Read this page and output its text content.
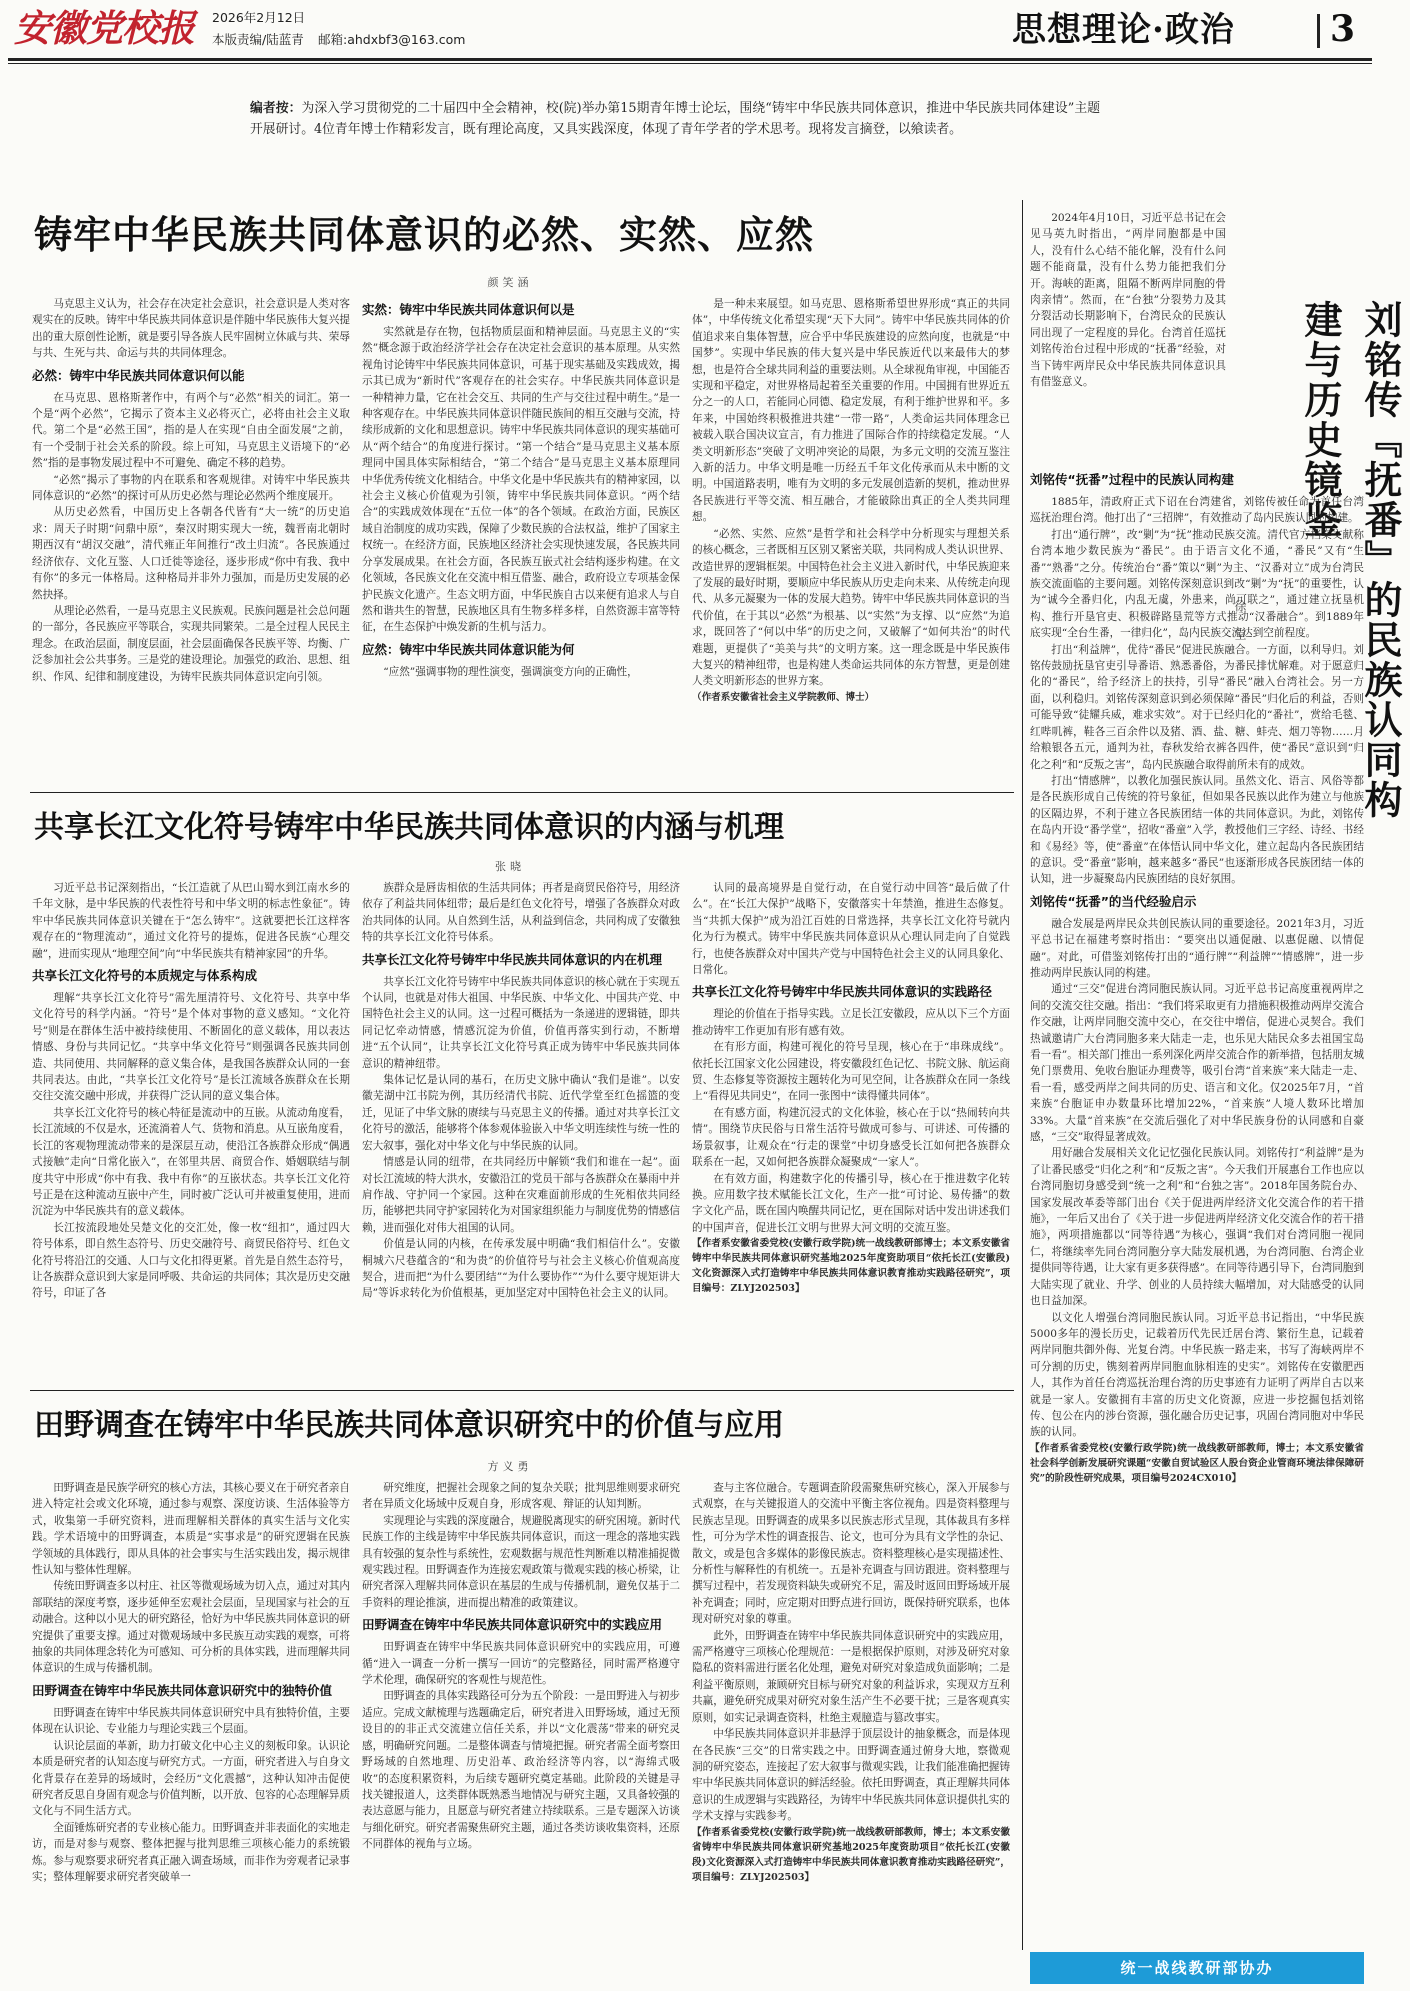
安徽党校报	2026年2月12日
本版责编/陆蓝青 邮箱:ahdxbf3@163.com	思想理论·政治	3
编者按：为深入学习贯彻党的二十届四中全会精神，校(院)举办第15期青年博士论坛，围绕“铸牢中华民族共同体意识，推进中华民族共同体建设”主题开展研讨。4位青年博士作精彩发言，既有理论高度，又具实践深度，体现了青年学者的学术思考。现将发言摘登，以飨读者。
铸牢中华民族共同体意识的必然、实然、应然
颜笑涵

马克思主义认为，社会存在决定社会意识，社会意识是人类对客观实在的反映。铸牢中华民族共同体意识是伴随中华民族伟大复兴提出的重大原创性论断，就是要引导各族人民牢固树立休戚与共、荣辱与共、生死与共、命运与共的共同体理念。

必然：铸牢中华民族共同体意识何以能

在马克思、恩格斯著作中，有两个与“必然”相关的词汇。第一个是“两个必然”，它揭示了资本主义必将灭亡，必将由社会主义取代。第二个是“必然王国”，指的是人在实现“自由全面发展”之前，有一个受制于社会关系的阶段。综上可知，马克思主义语境下的“必然”指的是事物发展过程中不可避免、确定不移的趋势。

“必然”揭示了事物的内在联系和客观规律。对铸牢中华民族共同体意识的“必然”的探讨可从历史必然与理论必然两个维度展开。

从历史必然看，中国历史上各朝各代皆有“大一统”的历史追求：周天子时期“问鼎中原”，秦汉时期实现大一统，魏晋南北朝时期西汉有“胡汉交融”，清代雍正年间推行“改土归流”。各民族通过经济依存、文化互鉴、人口迁徙等途径，逐步形成“你中有我、我中有你”的多元一体格局。这种格局并非外力强加，而是历史发展的必然抉择。

从理论必然看，一是马克思主义民族观。民族问题是社会总问题的一部分，各民族应平等联合，实现共同繁荣。二是全过程人民民主理念。在政治层面，制度层面，社会层面确保各民族平等、均衡、广泛参加社会公共事务。三是党的建设理论。加强党的政治、思想、组织、作风、纪律和制度建设，为铸牢民族共同体意识定向引领。

实然：铸牢中华民族共同体意识何以是

实然就是存在物，包括物质层面和精神层面。马克思主义的“实然”概念源于政治经济学社会存在决定社会意识的基本原理。从实然视角讨论铸牢中华民族共同体意识，可基于现实基础及实践成效，揭示其已成为“新时代”客观存在的社会实存。中华民族共同体意识是一种精神力量，它在社会交互、共同的生产与交往过程中萌生。”是一种客观存在。中华民族共同体意识伴随民族间的相互交融与交流，持续形成新的文化和思想意识。铸牢中华民族共同体意识的现实基础可从“两个结合”的角度进行探讨。“第一个结合”是马克思主义基本原理同中国具体实际相结合，“第二个结合”是马克思主义基本原理同中华优秀传统文化相结合。中华文化是中华民族共有的精神家园，以社会主义核心价值观为引领，铸牢中华民族共同体意识。“两个结合”的实践成效体现在“五位一体”的各个领域。在政治方面，民族区域自治制度的成功实践，保障了少数民族的合法权益，维护了国家主权统一。在经济方面，民族地区经济社会实现快速发展，各民族共同分享发展成果。在社会方面，各民族互嵌式社会结构逐步构建。在文化领域，各民族文化在交流中相互借鉴、融合，政府设立专项基金保护民族文化遗产。生态文明方面，中华民族自古以来便有追求人与自然和谐共生的智慧，民族地区具有生物多样多样，自然资源丰富等特征，在生态保护中焕发新的生机与活力。

应然：铸牢中华民族共同体意识能为何

“应然”强调事物的理性演变，强调演变方向的正确性，

是一种未来展望。如马克思、恩格斯希望世界形成“真正的共同体”，中华传统文化希望实现“天下大同”。铸牢中华民族共同体的价值追求来自集体智慧，应合乎中华民族建设的应然向度，也就是“中国梦”。实现中华民族的伟大复兴是中华民族近代以来最伟大的梦想，也是符合全球共同利益的重要法则。从全球视角审视，中国能否实现和平稳定，对世界格局起着至关重要的作用。中国拥有世界近五分之一的人口，若能同心同德、稳定发展，有利于维护世界和平。多年来，中国始终积极推进共建“一带一路”，人类命运共同体理念已被载入联合国决议宣言，有力推进了国际合作的持续稳定发展。“人类文明新形态”突破了文明冲突论的局限，为多元文明的交流互鉴注入新的活力。中华文明是唯一历经五千年文化传承而从未中断的文明。中国道路表明，唯有为文明的多元发展创造新的契机，推动世界各民族进行平等交流、相互融合，才能破除出真正的全人类共同理想。

“必然、实然、应然”是哲学和社会科学中分析现实与理想关系的核心概念，三者既相互区别又紧密关联，共同构成人类认识世界、改造世界的逻辑框架。中国特色社会主义进入新时代，中华民族迎来了发展的最好时期，要顺应中华民族从历史走向未来、从传统走向现代、从多元凝聚为一体的发展大趋势。铸牢中华民族共同体意识的当代价值，在于其以“必然”为根基、以“实然”为支撑、以“应然”为追求，既回答了“何以中华”的历史之问，又破解了“如何共治”的时代难题，更提供了“美美与共”的文明方案。这一理念既是中华民族伟大复兴的精神纽带，也是构建人类命运共同体的东方智慧，更是创建人类文明新形态的世界方案。

（作者系安徽省社会主义学院教师、博士）

共享长江文化符号铸牢中华民族共同体意识的内涵与机理
张晓

习近平总书记深刻指出，“长江造就了从巴山蜀水到江南水乡的千年文脉，是中华民族的代表性符号和中华文明的标志性象征”。铸牢中华民族共同体意识关键在于“怎么铸牢”。这就要把长江这样客观存在的“物理流动”，通过文化符号的提炼，促进各民族“心理交融”，进而实现从“地理空间”向“中华民族共有精神家园”的升华。

共享长江文化符号的本质规定与体系构成

理解“共享长江文化符号”需先厘清符号、文化符号、共享中华文化符号的科学内涵。“符号”是个体对事物的意义感知。“文化符号”则是在群体生活中被持续使用、不断固化的意义载体，用以表达情感、身份与共同记忆。“共享中华文化符号”则强调各民族共同创造、共同使用、共同解释的意义集合体，是我国各族群众认同的一套共同表达。由此，“共享长江文化符号”是长江流域各族群众在长期交往交流交融中形成，并获得广泛认同的意义集合体。

共享长江文化符号的核心特征是流动中的互嵌。从流动角度看，长江流域的不仅是水，还流淌着人气、货物和消息。从互嵌角度看，长江的客观物理流动带来的是深层互动，使沿江各族群众形成“偶遇式接触”走向“日常化嵌入”，在邻里共居、商贸合作、婚姻联结与制度共守中形成“你中有我、我中有你”的互嵌状态。共享长江文化符号正是在这种流动互嵌中产生，同时被广泛认可并被重复使用，进而沉淀为中华民族共有的意义载体。

长江按流段地处吴楚文化的交汇处，像一枚“纽扣”，通过四大符号体系，即自然生态符号、历史交融符号、商贸民俗符号、红色文化符号将沿江的交通、人口与文化扣得更紧。首先是自然生态符号，让各族群众意识到大家是同呼吸、共命运的共同体；其次是历史交融符号，印证了各

族群众是唇齿相依的生活共同体；再者是商贸民俗符号，用经济依存了利益共同体纽带；最后是红色文化符号，增强了各族群众对政治共同体的认同。从自然到生活，从利益到信念，共同构成了安徽独特的共享长江文化符号体系。

共享长江文化符号铸牢中华民族共同体意识的内在机理

共享长江文化符号铸牢中华民族共同体意识的核心就在于实现五个认同，也就是对伟大祖国、中华民族、中华文化、中国共产党、中国特色社会主义的认同。这一过程可概括为一条递进的逻辑链，即共同记忆牵动情感，情感沉淀为价值，价值再落实到行动，不断增进“五个认同”，让共享长江文化符号真正成为铸牢中华民族共同体意识的精神纽带。

集体记忆是认同的基石，在历史文脉中确认“我们是谁”。以安徽芜湖中江书院为例，其历经清代书院、近代学堂至红色摇篮的变迁，见证了中华文脉的赓续与马克思主义的传播。通过对共享长江文化符号的激活，能够将个体参观体验嵌入中华文明连续性与统一性的宏大叙事，强化对中华文化与中华民族的认同。

情感是认同的纽带，在共同经历中解锁“我们和谁在一起”。面对长江流域的特大洪水，安徽沿江的党员干部与各族群众在暴雨中并肩作战、守护同一个家园。这种在灾难面前形成的生死相依共同经历，能够把共同守护家园转化为对国家组织能力与制度优势的情感信赖，进而强化对伟大祖国的认同。

价值是认同的内核，在传承发展中明确“我们相信什么”。安徽桐城六尺巷蕴含的“和为贵”的价值符号与社会主义核心价值观高度契合，进而把“为什么要团结”“为什么要协作”“为什么要守规矩讲大局”等诉求转化为价值根基，更加坚定对中国特色社会主义的认同。

认同的最高境界是自觉行动，在自觉行动中回答“最后做了什么”。在“长江大保护”战略下，安徽落实十年禁渔，推进生态修复。当“共抓大保护”成为沿江百姓的日常选择，共享长江文化符号就内化为行为模式。铸牢中华民族共同体意识从心理认同走向了自觉践行，也使各族群众对中国共产党与中国特色社会主义的认同具象化、日常化。

共享长江文化符号铸牢中华民族共同体意识的实践路径

理论的价值在于指导实践。立足长江安徽段，应从以下三个方面推动铸牢工作更加有形有感有效。

在有形方面，构建可视化的符号呈现，核心在于“串珠成线”。依托长江国家文化公园建设，将安徽段红色记忆、书院文脉、航运商贸、生态修复等资源按主题转化为可见空间，让各族群众在同一条线上“看得见共同史”，在同一张图中“读得懂共同体”。

在有感方面，构建沉浸式的文化体验，核心在于以“热闹转向共情”。围绕节庆民俗与日常生活符号做成可参与、可讲述、可传播的场景叙事，让观众在“行走的课堂”中切身感受长江如何把各族群众联系在一起，又如何把各族群众凝聚成“一家人”。

在有效方面，构建数字化的传播引导，核心在于推进数字化转换。应用数字技术赋能长江文化，生产一批“可讨论、易传播”的数字文化产品，既在国内唤醒共同记忆，更在国际对话中发出讲述我们的中国声音，促进长江文明与世界大河文明的交流互鉴。

【作者系安徽省委党校(安徽行政学院)统一战线教研部博士；本文系安徽省铸牢中华民族共同体意识研究基地2025年度资助项目“依托长江(安徽段)文化资源深入式打造铸牢中华民族共同体意识教育推动实践路径研究”，项目编号：ZLYJ202503】

田野调查在铸牢中华民族共同体意识研究中的价值与应用
方义勇

田野调查是民族学研究的核心方法，其核心要义在于研究者亲自进入特定社会或文化环境，通过参与观察、深度访谈、生活体验等方式，收集第一手研究资料，进而理解相关群体的真实生活与文化实践。学术语境中的田野调查，本质是“实事求是”的研究逻辑在民族学领域的具体践行，即从具体的社会事实与生活实践出发，揭示规律性认知与整体性理解。

传统田野调查多以村庄、社区等微观场域为切入点，通过对其内部联结的深度考察，逐步延伸至宏观社会层面，呈现国家与社会的互动融合。这种以小见大的研究路径，恰好为中华民族共同体意识的研究提供了重要支撑。通过对微观场域中多民族互动实践的观察，可将抽象的共同体理念转化为可感知、可分析的具体实践，进而理解共同体意识的生成与传播机制。

田野调查在铸牢中华民族共同体意识研究中的独特价值

田野调查在铸牢中华民族共同体意识研究中具有独特价值，主要体现在认识论、专业能力与理论实践三个层面。

认识论层面的革新，助力打破文化中心主义的刻板印象。认识论本质是研究者的认知态度与研究方式。一方面，研究者进入与自身文化背景存在差异的场域时，会经历“文化震撼”，这种认知冲击促使研究者反思自身固有观念与价值判断，以开放、包容的心态理解异质文化与不同生活方式。

全面锤炼研究者的专业核心能力。田野调查并非表面化的实地走访，而是对参与观察、整体把握与批判思维三项核心能力的系统锻炼。参与观察要求研究者真正融入调查场域，而非作为旁观者记录事实；整体理解要求研究者突破单一

研究维度，把握社会现象之间的复杂关联；批判思维则要求研究者在异质文化场域中反观自身，形成客观、辩证的认知判断。

实现理论与实践的深度融合，规避脱离现实的研究困境。新时代民族工作的主线是铸牢中华民族共同体意识，而这一理念的落地实践具有较强的复杂性与系统性，宏观数据与规范性判断难以精准捕捉微观实践过程。田野调查作为连接宏观政策与微观实践的核心桥梁，让研究者深入理解共同体意识在基层的生成与传播机制，避免仅基于二手资料的理论推演，进而提出精准的政策建议。

田野调查在铸牢中华民族共同体意识研究中的实践应用

田野调查在铸牢中华民族共同体意识研究中的实践应用，可遵循“进入一调查一分析一撰写一回访”的完整路径，同时需严格遵守学术伦理，确保研究的客观性与规范性。

田野调查的具体实践路径可分为五个阶段：一是田野进入与初步适应。完成文献梳理与选题确定后，研究者进入田野场域，通过无预设目的的非正式交流建立信任关系，并以“文化震荡”带来的研究灵感，明确研究问题。二是整体调查与情境把握。研究者需全面考察田野场域的自然地理、历史沿革、政治经济等内容，以“海绵式吸收”的态度积累资料，为后续专题研究奠定基础。此阶段的关键是寻找关键报道人，这类群体既熟悉当地情况与研究主题，又具备较强的表达意愿与能力，且愿意与研究者建立持续联系。三是专题深入访谈与细化研究。研究者需聚焦研究主题，通过各类访谈收集资料，还原不同群体的视角与立场。

查与主客位融合。专题调查阶段需聚焦研究核心，深入开展参与式观察，在与关键报道人的交流中平衡主客位视角。四是资料整理与民族志呈现。田野调查的成果多以民族志形式呈现，其体裁具有多样性，可分为学术性的调查报告、论文，也可分为具有文学性的杂记、散文，或是包含多媒体的影像民族志。资料整理核心是实现描述性、分析性与解释性的有机统一。五是补充调查与回访跟进。资料整理与撰写过程中，若发现资料缺失或研究不足，需及时返回田野场域开展补充调查；同时，应定期对田野点进行回访，既保持研究联系，也体现对研究对象的尊重。

此外，田野调查在铸牢中华民族共同体意识研究中的实践应用，需严格遵守三项核心伦理规范：一是根据保护原则，对涉及研究对象隐私的资料需进行匿名化处理，避免对研究对象造成负面影响；二是利益平衡原则，兼顾研究目标与研究对象的利益诉求，实现双方互利共赢，避免研究成果对研究对象生活产生不必要干扰；三是客观真实原则，如实记录调查资料，杜绝主观臆造与篡改事实。

中华民族共同体意识并非悬浮于顶层设计的抽象概念，而是体现在各民族“三交”的日常实践之中。田野调查通过俯身大地，察微观洞的研究姿态，连接起了宏大叙事与微观实践，让我们能准确把握铸牢中华民族共同体意识的鲜活经验。依托田野调查，真正理解共同体意识的生成逻辑与实践路径，为铸牢中华民族共同体意识提供扎实的学术支撑与实践参考。

【作者系省委党校(安徽行政学院)统一战线教研部教师，博士；本文系安徽省铸牢中华民族共同体意识研究基地2025年度资助项目“依托长江(安徽段)文化资源深入式打造铸牢中华民族共同体意识教育推动实践路径研究”，项目编号：ZLYJ202503】

2024年4月10日，习近平总书记在会见马英九时指出，“两岸同胞都是中国人，没有什么心结不能化解，没有什么问题不能商量，没有什么势力能把我们分开。海峡的距离，阻隔不断两岸同胞的骨肉亲情”。然而，在“台独”分裂势力及其分裂活动长期影响下，台湾民众的民族认同出现了一定程度的异化。台湾首任巡抚刘铭传治台过程中形成的“抚番”经验，对当下铸牢两岸民众中华民族共同体意识具有借鉴意义。	刘铭传『抚番』的民族认同构建与历史镜鉴
徐 堂
刘铭传“抚番”过程中的民族认同构建

1885年，清政府正式下诏在台湾建省，刘铭传被任命为首任台湾巡抚治理台湾。他打出了“三招牌”，有效推动了岛内民族认同的构建。

打出“通行牌”，改“剿”为“抚”推动民族交流。清代官方档案文献称台湾本地少数民族为“番民”。由于语言文化不通，“番民”又有“生番”“熟番”之分。传统治台“番”策以“剿”为主、“汉番对立”成为台湾民族交流面临的主要问题。刘铭传深刻意识到改“剿”为“抚”的重要性，认为“诚今全番归化，内乱无虞，外患来，尚可联之”，通过建立抚垦机构、推行开垦官吏、积极辟路垦荒等方式推动“汉番融合”。到1889年底实现“全台生番，一律归化”，岛内民族交流达到空前程度。

打出“利益牌”，优待“番民”促进民族融合。一方面，以利导归。刘铭传鼓励抚垦官吏引导番语、熟悉番俗，为番民排忧解难。对于愿意归化的“番民”，给予经济上的扶持，引导“番民”融入台湾社会。另一方面，以利稳归。刘铭传深刻意识到必须保障“番民”归化后的利益，否则可能导致“徒耀兵威，难求实效”。对于已经归化的“番社”，赏给毛毯、红哔叽裤，鞋各三百余件以及猪、酒、盐、糖、蚌壳、烟刀等物……月给粮银各五元，通判为社，春秋发给衣裤各四件，使“番民”意识到“归化之利”和“反叛之害”，岛内民族融合取得前所未有的成效。

打出“情感牌”，以教化加强民族认同。虽然文化、语言、风俗等都是各民族形成自己传统的符号象征，但如果各民族以此作为建立与他族的区隔边界，不利于建立各民族团结一体的共同体意识。为此，刘铭传在岛内开设“番学堂”，招收“番童”入学，教授他们三字经、诗经、书经和《易经》等，使“番童”在体悟认同中华文化，建立起岛内各民族团结的意识。受“番童”影响，越来越多“番民”也逐渐形成各民族团结一体的认知，进一步凝聚岛内民族团结的良好氛围。

刘铭传“抚番”的当代经验启示

融合发展是两岸民众共创民族认同的重要途径。2021年3月，习近平总书记在福建考察时指出：“要突出以通促融、以惠促融、以情促融”。对此，可借鉴刘铭传打出的“通行牌”“利益牌”“情感牌”，进一步推动两岸民族认同的构建。

通过“三交”促进台湾同胞民族认同。习近平总书记高度重视两岸之间的交流交往交融。指出：“我们将采取更有力措施积极推动两岸交流合作交融，让两岸同胞交流中交心，在交往中增信，促进心灵契合。我们热诚邀请广大台湾同胞多来大陆走一走，也乐见大陆民众多去祖国宝岛看一看”。相关部门推出一系列深化两岸交流合作的新举措，包括朋友城免门票费用、免收台胞证办理费等，吸引台湾“首来族”来大陆走一走、看一看，感受两岸之间共同的历史、语言和文化。仅2025年7月，“首来族”台胞证申办数量环比增加22%，“首来族”人境人数环比增加33%。大量“首来族”在交流后强化了对中华民族身份的认同感和自豪感，“三交”取得显著成效。

用好融合发展相关文化记忆强化民族认同。刘铭传打“利益牌”是为了让番民感受“归化之利”和“反叛之害”。今天我们开展惠台工作也应以台湾同胞切身感受到“统一之利”和“台独之害”。2018年国务院台办、国家发展改革委等部门出台《关于促进两岸经济文化交流合作的若干措施》，一年后又出台了《关于进一步促进两岸经济文化交流合作的若干措施》，两项措施都以“同等待遇”为核心，强调“我们对台湾同胞一视同仁，将继续率先同台湾同胞分享大陆发展机遇，为台湾同胞、台湾企业提供同等待遇，让大家有更多获得感”。在同等待遇引导下，台湾同胞到大陆实现了就业、升学、创业的人员持续大幅增加，对大陆感受的认同也日益加深。

以文化人增强台湾同胞民族认同。习近平总书记指出，“中华民族5000多年的漫长历史，记载着历代先民迁居台湾、繁衍生息，记载着两岸同胞共御外侮、光复台湾。中华民族一路走来，书写了海峡两岸不可分割的历史，镌刻着两岸同胞血脉相连的史实”。刘铭传在安徽肥西人，其作为首任台湾巡抚治理台湾的历史事迹有力证明了两岸自古以来就是一家人。安徽拥有丰富的历史文化资源，应进一步挖掘包括刘铭传、包公在内的涉台资源，强化融合历史记事，巩固台湾同胞对中华民族的认同。

【作者系省委党校(安徽行政学院)统一战线教研部教师，博士；本文系安徽省社会科学创新发展研究课题“安徽自贸试验区人股台资企业管商环境法律保障研究”的阶段性研究成果，项目编号2024CX010】

统一战线教研部协办
